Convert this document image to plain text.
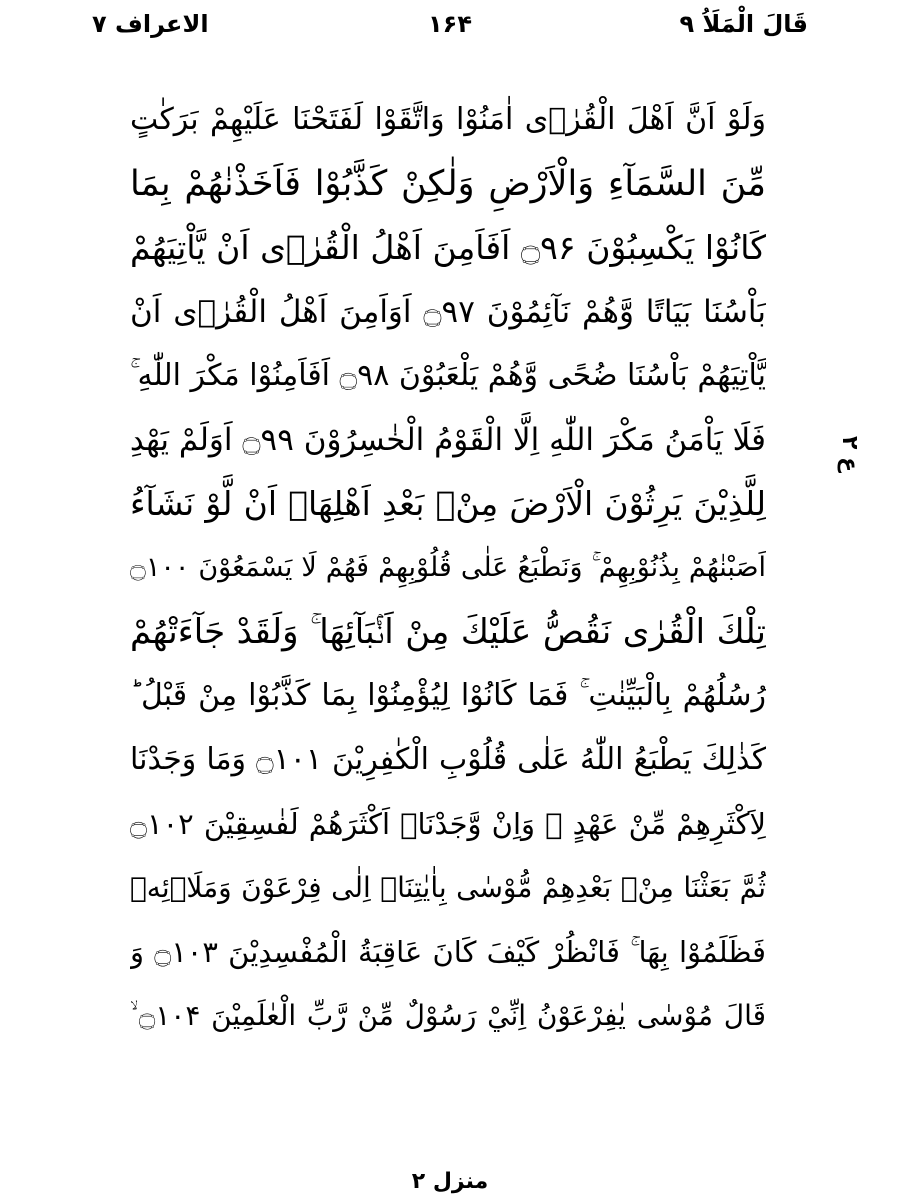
قَالَ الْمَلَاُ ۹
۱۶۴
الاعراف ۷
وَلَوْ اَنَّ اَهْلَ الْقُرٰۤى اٰمَنُوْا وَاتَّقَوْا لَفَتَحْنَا عَلَيْهِمْ بَرَكٰتٍ
مِّنَ السَّمَآءِ وَالْاَرْضِ وَلٰكِنْ كَذَّبُوْا فَاَخَذْنٰهُمْ بِمَا
كَانُوْا يَكْسِبُوْنَ ۝۹۶ اَفَاَمِنَ اَهْلُ الْقُرٰۤى اَنْ يَّاْتِيَهُمْ
بَاْسُنَا بَيَاتًا وَّهُمْ نَآئِمُوْنَ ۝۹۷ اَوَاَمِنَ اَهْلُ الْقُرٰۤى اَنْ
يَّاْتِيَهُمْ بَاْسُنَا ضُحًى وَّهُمْ يَلْعَبُوْنَ ۝۹۸ اَفَاَمِنُوْا مَكْرَ اللّٰهِ ۚ
فَلَا يَاْمَنُ مَكْرَ اللّٰهِ اِلَّا الْقَوْمُ الْخٰسِرُوْنَ ۝۹۹ اَوَلَمْ يَهْدِ
لِلَّذِيْنَ يَرِثُوْنَ الْاَرْضَ مِنْۢ بَعْدِ اَهْلِهَاۤ اَنْ لَّوْ نَشَآءُ
اَصَبْنٰهُمْ بِذُنُوْبِهِمْ ۚ وَنَطْبَعُ عَلٰى قُلُوْبِهِمْ فَهُمْ لَا يَسْمَعُوْنَ ۝۱۰۰
تِلْكَ الْقُرٰى نَقُصُّ عَلَيْكَ مِنْ اَنْۢبَآئِهَا ۚ وَلَقَدْ جَآءَتْهُمْ
رُسُلُهُمْ بِالْبَيِّنٰتِ ۚ فَمَا كَانُوْا لِيُؤْمِنُوْا بِمَا كَذَّبُوْا مِنْ قَبْلُ ؕ
كَذٰلِكَ يَطْبَعُ اللّٰهُ عَلٰى قُلُوْبِ الْكٰفِرِيْنَ ۝۱۰۱ وَمَا وَجَدْنَا
لِاَكْثَرِهِمْ مِّنْ عَهْدٍ ۚ وَاِنْ وَّجَدْنَاۤ اَكْثَرَهُمْ لَفٰسِقِيْنَ ۝۱۰۲
ثُمَّ بَعَثْنَا مِنْۢ بَعْدِهِمْ مُّوْسٰى بِاٰيٰتِنَاۤ اِلٰى فِرْعَوْنَ وَمَلَا۟ئِهٖ
فَظَلَمُوْا بِهَا ۚ فَانْظُرْ كَيْفَ كَانَ عَاقِبَةُ الْمُفْسِدِيْنَ ۝۱۰۳ وَ
قَالَ مُوْسٰى يٰفِرْعَوْنُ اِنِّيْ رَسُوْلٌ مِّنْ رَّبِّ الْعٰلَمِيْنَ ۝۱۰۴ ۙ
ع ۲
منزل ۲
